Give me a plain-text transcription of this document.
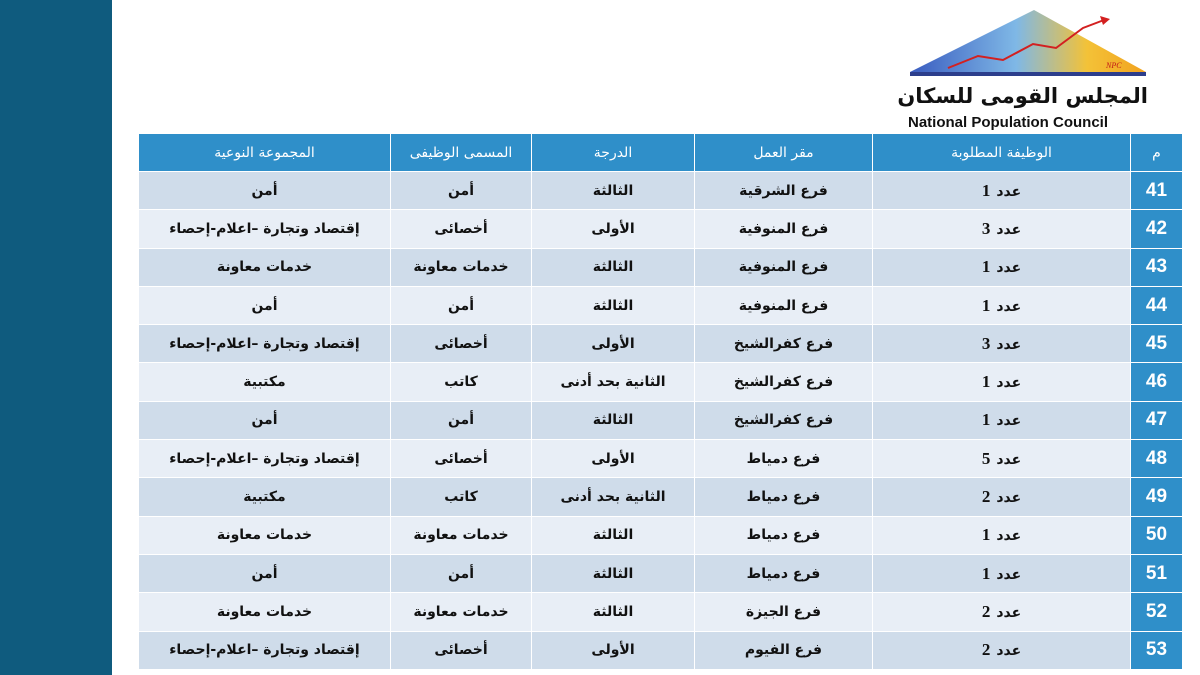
NPC
المجلس القومى للسكان
National Population Council
م	الوظيفة المطلوبة	مقر العمل	الدرجة	المسمى الوظيفى	المجموعة النوعية
41	عدد1	فرع الشرقية	الثالثة	أمن	أمن
42	عدد3	فرع المنوفية	الأولى	أخصائى	إقتصاد وتجارة –اعلام-إحصاء
43	عدد1	فرع المنوفية	الثالثة	خدمات معاونة	خدمات معاونة
44	عدد1	فرع المنوفية	الثالثة	أمن	أمن
45	عدد3	فرع كفرالشيخ	الأولى	أخصائى	إقتصاد وتجارة –اعلام-إحصاء
46	عدد1	فرع كفرالشيخ	الثانية بحد أدنى	كاتب	مكتبية
47	عدد1	فرع كفرالشيخ	الثالثة	أمن	أمن
48	عدد5	فرع دمياط	الأولى	أخصائى	إقتصاد وتجارة –اعلام-إحصاء
49	عدد2	فرع دمياط	الثانية بحد أدنى	كاتب	مكتبية
50	عدد1	فرع دمياط	الثالثة	خدمات معاونة	خدمات معاونة
51	عدد1	فرع دمياط	الثالثة	أمن	أمن
52	عدد2	فرع الجيزة	الثالثة	خدمات معاونة	خدمات معاونة
53	عدد2	فرع الفيوم	الأولى	أخصائى	إقتصاد وتجارة –اعلام-إحصاء
